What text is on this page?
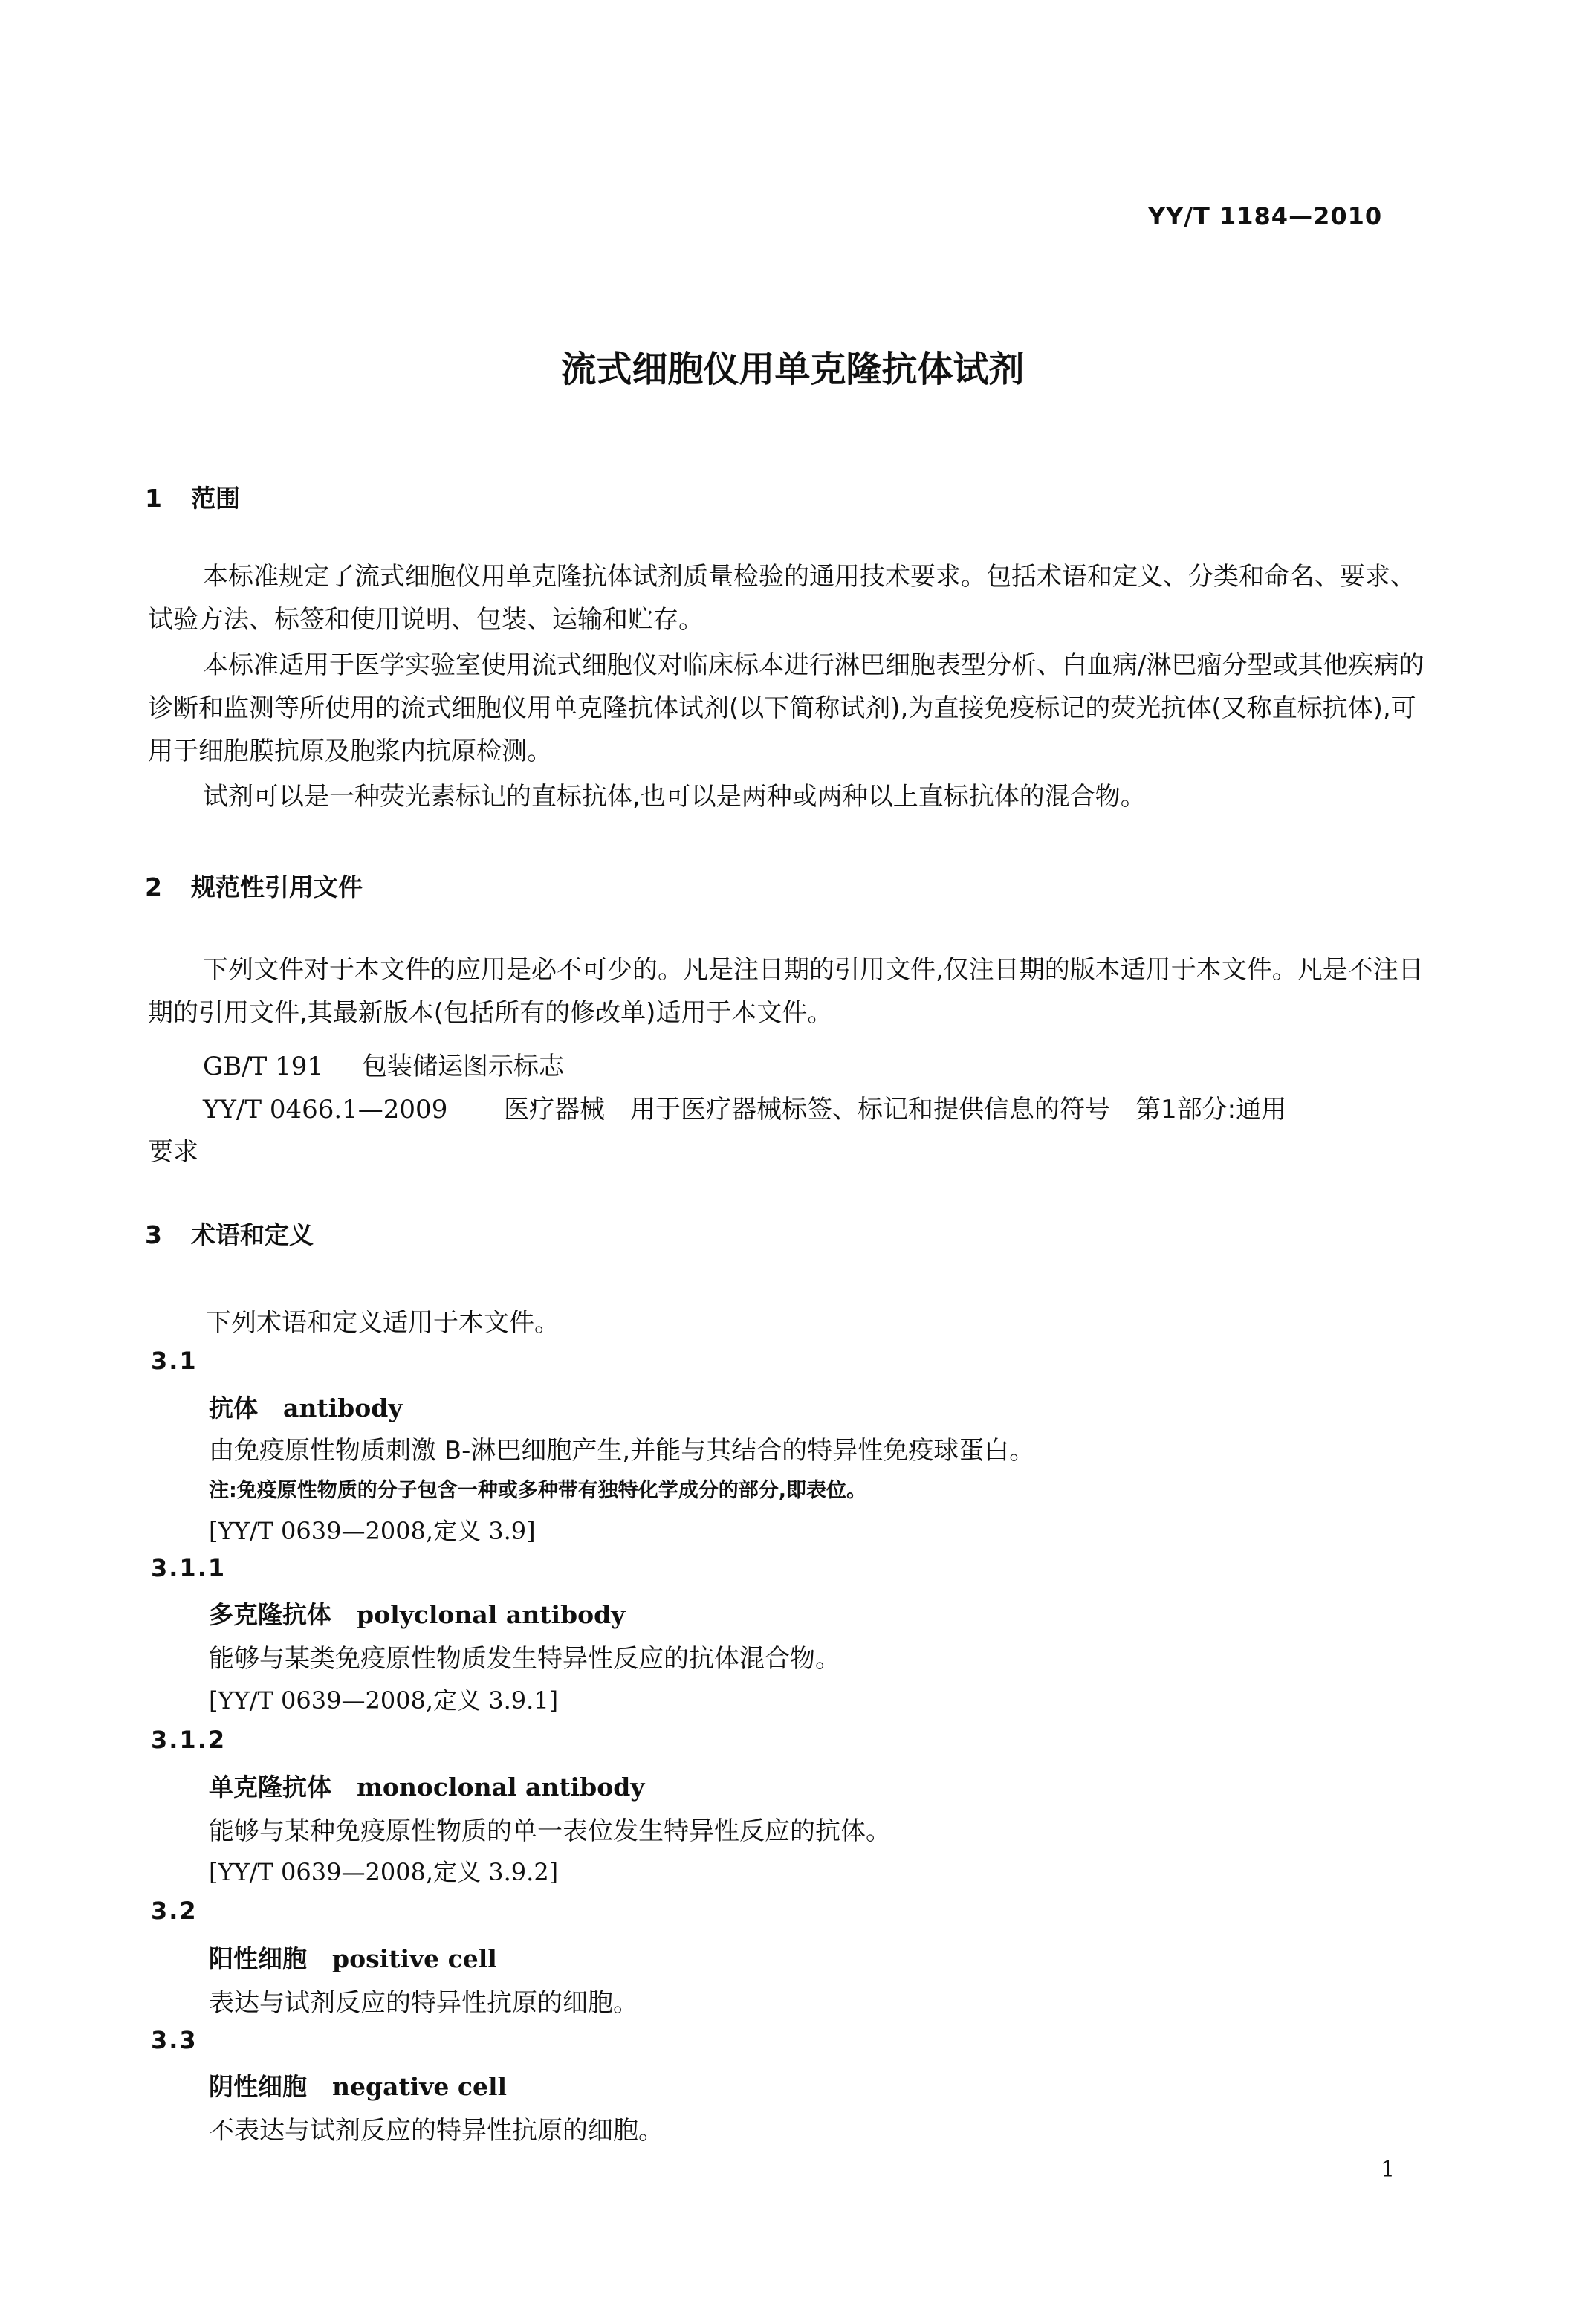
YY/T 1184—2010
流式细胞仪用单克隆抗体试剂
1 范围
本标准规定了流式细胞仪用单克隆抗体试剂质量检验的通用技术要求。包括术语和定义、分类和命名、要求、试验方法、标签和使用说明、包装、运输和贮存。
本标准适用于医学实验室使用流式细胞仪对临床标本进行淋巴细胞表型分析、白血病/淋巴瘤分型或其他疾病的诊断和监测等所使用的流式细胞仪用单克隆抗体试剂(以下简称试剂),为直接免疫标记的荧光抗体(又称直标抗体),可用于细胞膜抗原及胞浆内抗原检测。
试剂可以是一种荧光素标记的直标抗体,也可以是两种或两种以上直标抗体的混合物。
2 规范性引用文件
下列文件对于本文件的应用是必不可少的。凡是注日期的引用文件,仅注日期的版本适用于本文件。凡是不注日期的引用文件,其最新版本(包括所有的修改单)适用于本文件。
GB/T 191 包装储运图示标志
YY/T 0466.1—2009 医疗器械　用于医疗器械标签、标记和提供信息的符号　第1部分:通用
要求
3 术语和定义
下列术语和定义适用于本文件。
3.1
抗体 antibody
由免疫原性物质刺激 B-淋巴细胞产生,并能与其结合的特异性免疫球蛋白。
注:免疫原性物质的分子包含一种或多种带有独特化学成分的部分,即表位。
[YY/T 0639—2008,定义 3.9]
3.1.1
多克隆抗体 polyclonal antibody
能够与某类免疫原性物质发生特异性反应的抗体混合物。
[YY/T 0639—2008,定义 3.9.1]
3.1.2
单克隆抗体 monoclonal antibody
能够与某种免疫原性物质的单一表位发生特异性反应的抗体。
[YY/T 0639—2008,定义 3.9.2]
3.2
阳性细胞 positive cell
表达与试剂反应的特异性抗原的细胞。
3.3
阴性细胞 negative cell
不表达与试剂反应的特异性抗原的细胞。
1
